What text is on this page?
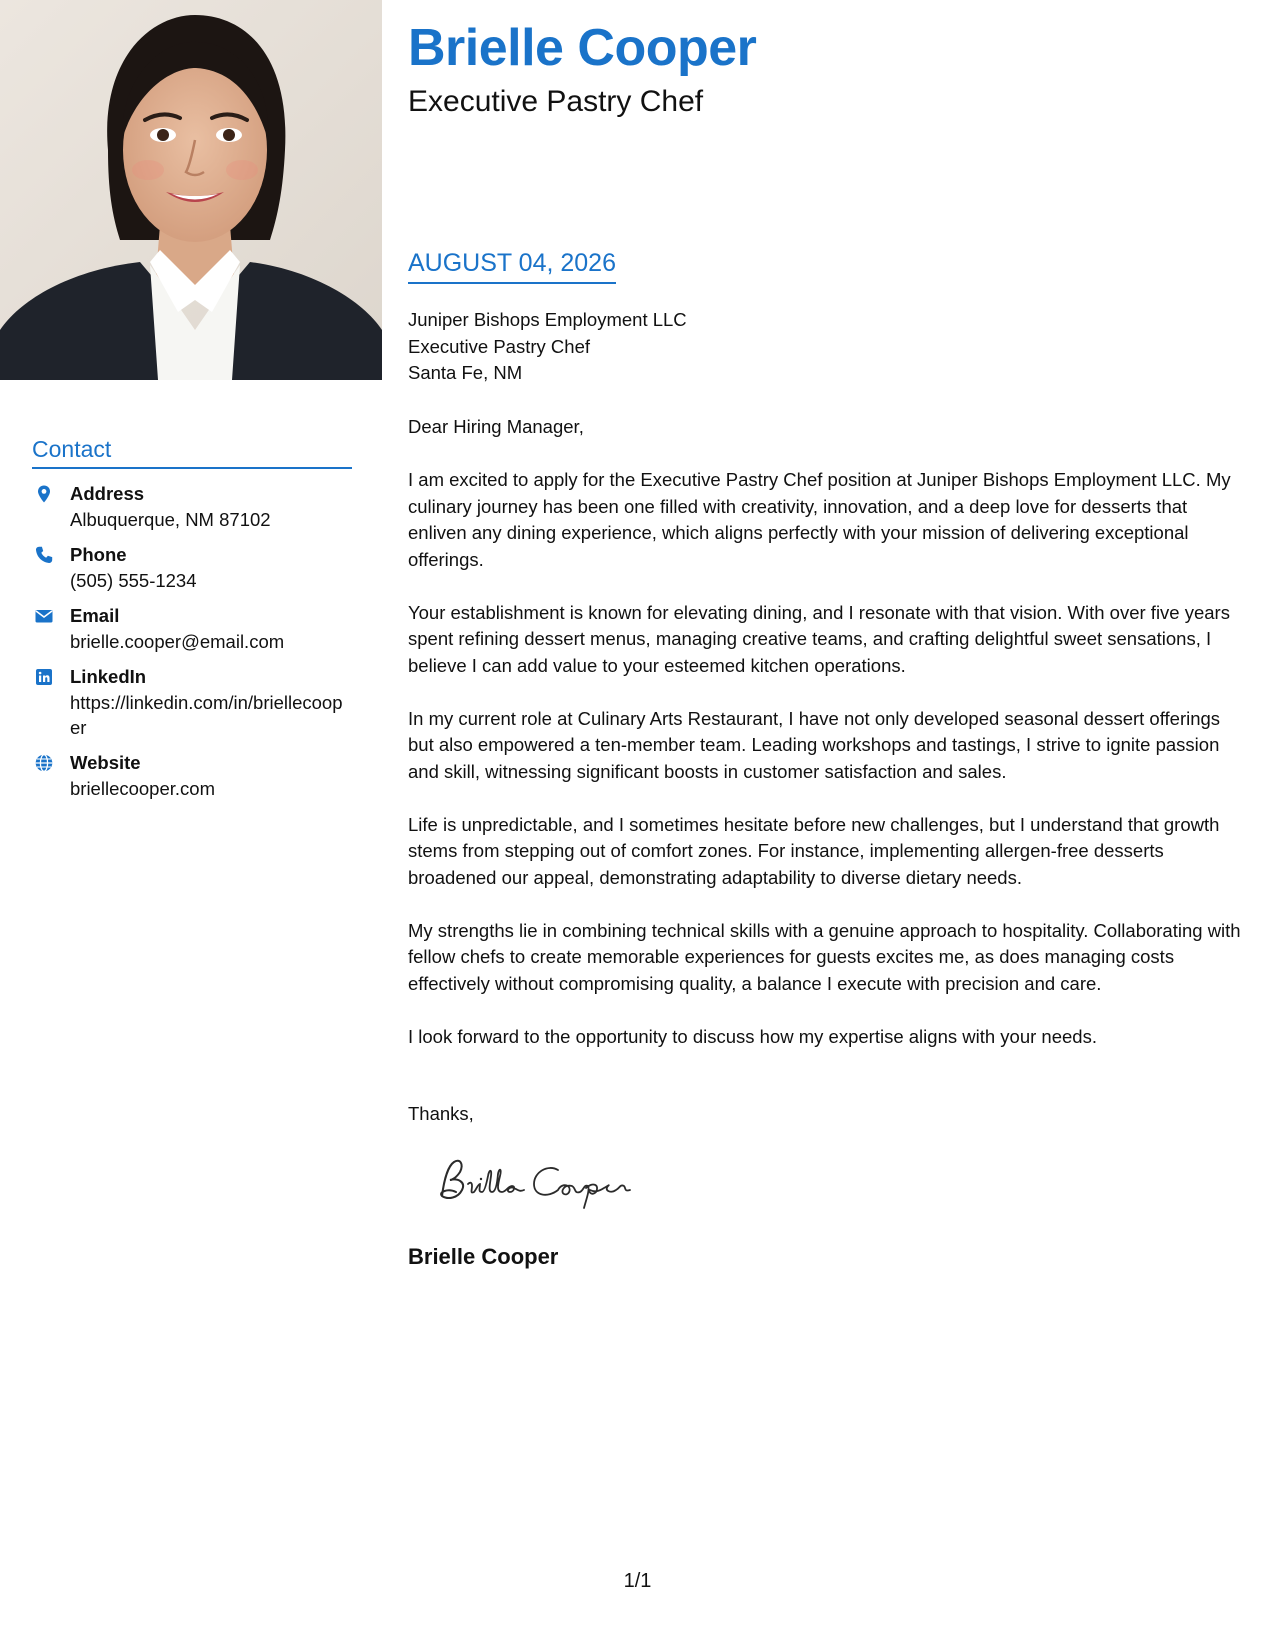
Contact
Address
Albuquerque, NM 87102
Phone
(505) 555-1234
Email
brielle.cooper@email.com
LinkedIn
https://linkedin.com/in/briellecooper
Website
briellecooper.com
Brielle Cooper
Executive Pastry Chef
AUGUST 04, 2026
Juniper Bishops Employment LLC
Executive Pastry Chef
Santa Fe, NM

Dear Hiring Manager,

I am excited to apply for the Executive Pastry Chef position at Juniper Bishops Employment LLC. My culinary journey has been one filled with creativity, innovation, and a deep love for desserts that enliven any dining experience, which aligns perfectly with your mission of delivering exceptional offerings.

Your establishment is known for elevating dining, and I resonate with that vision. With over five years spent refining dessert menus, managing creative teams, and crafting delightful sweet sensations, I believe I can add value to your esteemed kitchen operations.

In my current role at Culinary Arts Restaurant, I have not only developed seasonal dessert offerings but also empowered a ten-member team. Leading workshops and tastings, I strive to ignite passion and skill, witnessing significant boosts in customer satisfaction and sales.

Life is unpredictable, and I sometimes hesitate before new challenges, but I understand that growth stems from stepping out of comfort zones. For instance, implementing allergen-free desserts broadened our appeal, demonstrating adaptability to diverse dietary needs.

My strengths lie in combining technical skills with a genuine approach to hospitality. Collaborating with fellow chefs to create memorable experiences for guests excites me, as does managing costs effectively without compromising quality, a balance I execute with precision and care.

I look forward to the opportunity to discuss how my expertise aligns with your needs.

Thanks,
Brielle Cooper
1/1
